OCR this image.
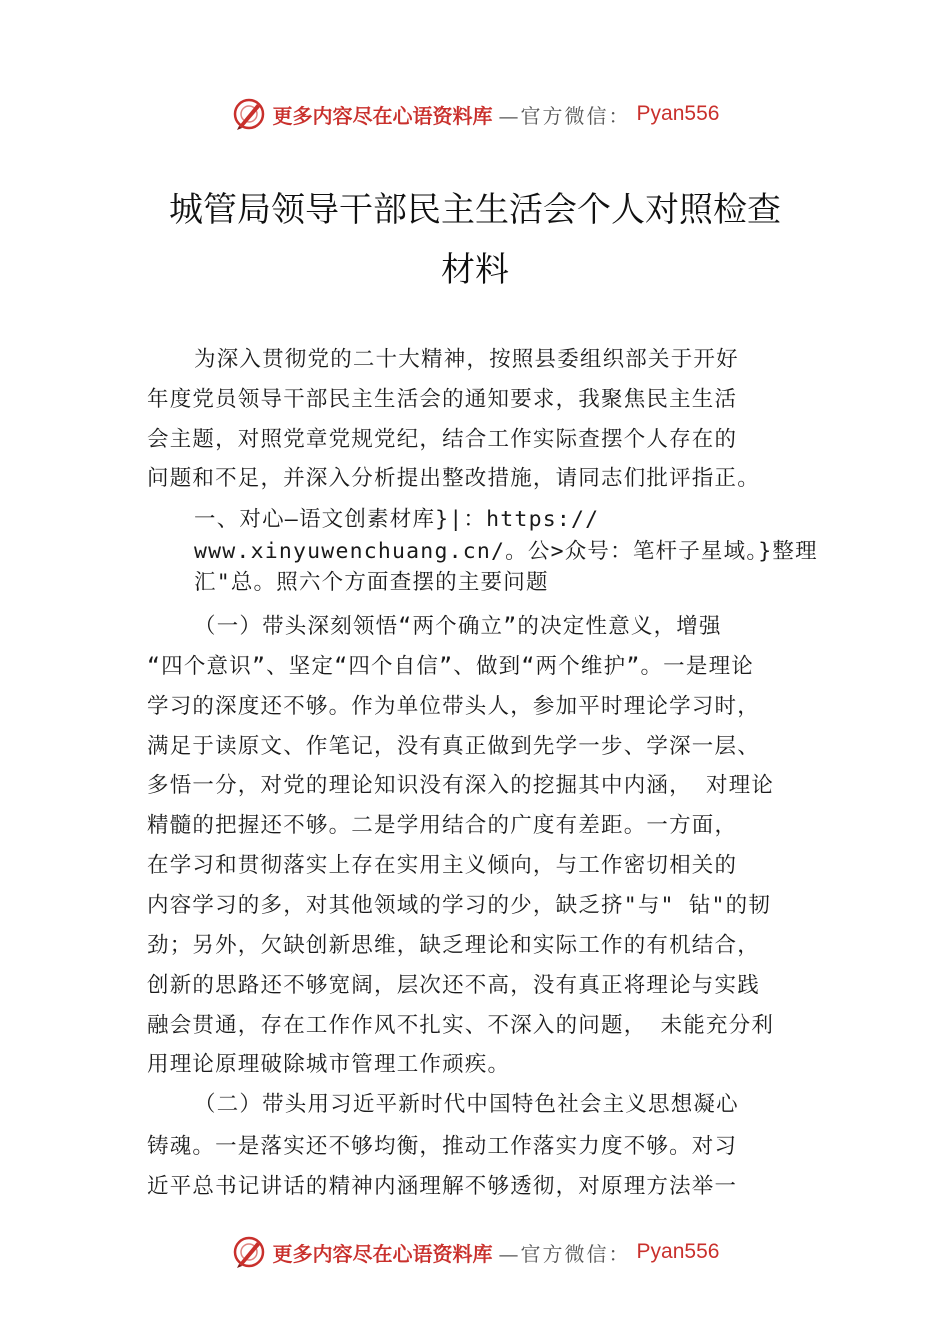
更多内容尽在心语资料库 —官方微信： Pyan556
城管局领导干部民主生活会个人对照检查
材料
为深入贯彻党的二十大精神，按照县委组织部关于开好
年度党员领导干部民主生活会的通知要求，我聚焦民主生活
会主题，对照党章党规党纪，结合工作实际查摆个人存在的
问题和不足，并深入分析提出整改措施，请同志们批评指正。
一、对心—语文创素材库}|：https://
www.xinyuwenchuang.cn/。公>众号：笔杆子星域。}整理
汇"总。照六个方面查摆的主要问题
（一）带头深刻领悟“两个确立”的决定性意义，增强
“四个意识”、坚定“四个自信”、做到“两个维护”。一是理论
学习的深度还不够。作为单位带头人，参加平时理论学习时，
满足于读原文、作笔记，没有真正做到先学一步、学深一层、
多悟一分，对党的理论知识没有深入的挖掘其中内涵， 对理论
精髓的把握还不够。二是学用结合的广度有差距。一方面，
在学习和贯彻落实上存在实用主义倾向，与工作密切相关的
内容学习的多，对其他领域的学习的少，缺乏挤"与" 钻"的韧
劲；另外，欠缺创新思维，缺乏理论和实际工作的有机结合，
创新的思路还不够宽阔，层次还不高，没有真正将理论与实践
融会贯通，存在工作作风不扎实、不深入的问题， 未能充分利
用理论原理破除城市管理工作顽疾。
（二）带头用习近平新时代中国特色社会主义思想凝心
铸魂。一是落实还不够均衡，推动工作落实力度不够。对习
近平总书记讲话的精神内涵理解不够透彻，对原理方法举一
更多内容尽在心语资料库 —官方微信： Pyan556
